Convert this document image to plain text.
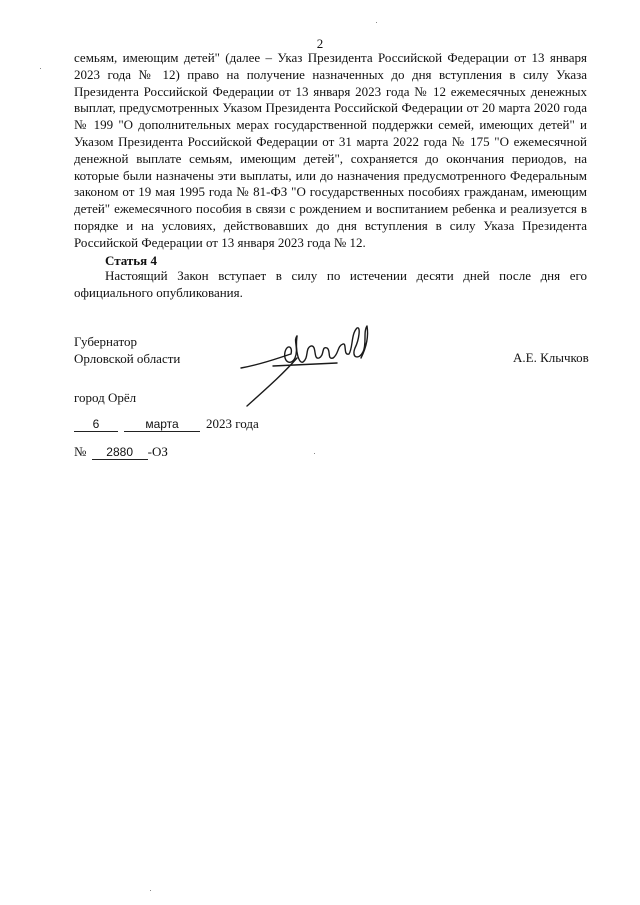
2
семьям, имеющим детей" (далее – Указ Президента Российской Федерации от 13 января
2023 года № 12) право на получение назначенных до дня вступления в силу Указа
Президента Российской Федерации от 13 января 2023 года № 12 ежемесячных денежных
выплат, предусмотренных Указом Президента Российской Федерации от 20 марта 2020 года
№ 199 "О дополнительных мерах государственной поддержки семей, имеющих детей" и
Указом Президента Российской Федерации от 31 марта 2022 года № 175 "О ежемесячной
денежной выплате семьям, имеющим детей", сохраняется до окончания периодов, на
которые были назначены эти выплаты, или до назначения предусмотренного Федеральным
законом от 19 мая 1995 года № 81-ФЗ "О государственных пособиях гражданам, имеющим
детей" ежемесячного пособия в связи с рождением и воспитанием ребенка и реализуется в
порядке и на условиях, действовавших до дня вступления в силу Указа Президента
Российской Федерации от 13 января 2023 года № 12.
Статья 4
Настоящий Закон вступает в силу по истечении десяти дней после дня его
официального опубликования.
Губернатор
Орловской области	А.Е. Клычков
город Орёл
6	марта 2023 года
№ 2880 -ОЗ
